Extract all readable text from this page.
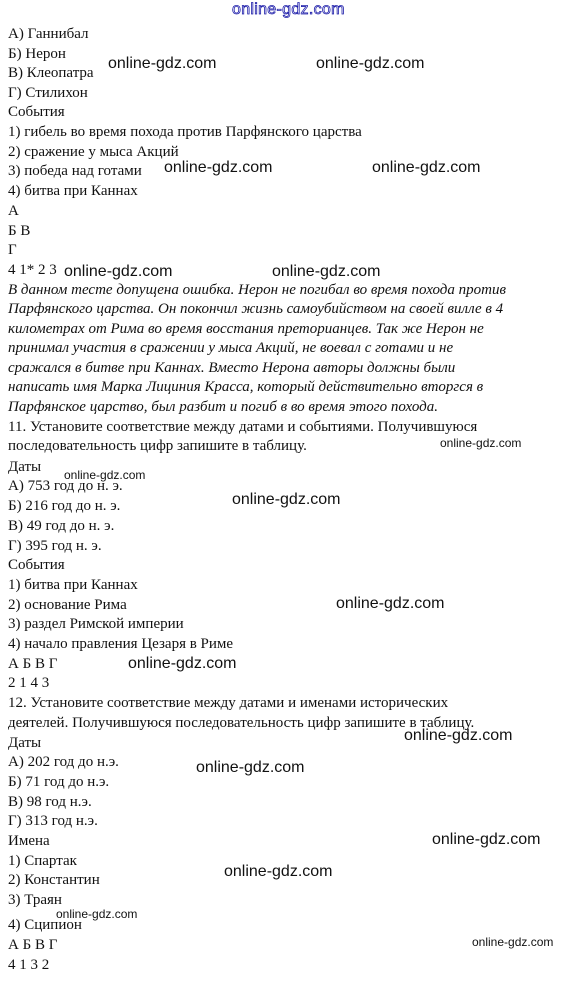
online-gdz.com
А) Ганнибал
Б) Нерон
В) Клеопатра
Г) Стилихон
События
1) гибель во время похода против Парфянского царства
2) сражение у мыса Акций
3) победа над готами
4) битва при Каннах
А
Б В
Г
4 1* 2 3
В данном тесте допущена ошибка. Нерон не погибал во время похода против
Парфянского царства. Он покончил жизнь самоубийством на своей вилле в 4
километрах от Рима во время восстания преторианцев. Так же Нерон не
принимал участия в сражении у мыса Акций, не воевал с готами и не
сражался в битве при Каннах. Вместо Нерона авторы должны были
написать имя Марка Лициния Красса, который действительно вторгся в
Парфянское царство, был разбит и погиб в во время этого похода.
11. Установите соответствие между датами и событиями. Получившуюся
последовательность цифр запишите в таблицу.
Даты
А) 753 год до н. э.
Б) 216 год до н. э.
В) 49 год до н. э.
Г) 395 год н. э.
События
1) битва при Каннах
2) основание Рима
3) раздел Римской империи
4) начало правления Цезаря в Риме
А Б В Г
2 1 4 3
12. Установите соответствие между датами и именами исторических
деятелей. Получившуюся последовательность цифр запишите в таблицу.
Даты
А) 202 год до н.э.
Б) 71 год до н.э.
В) 98 год н.э.
Г) 313 год н.э.
Имена
1) Спартак
2) Константин
3) Траян
4) Сципион
А Б В Г
4 1 3 2
online-gdz.com	online-gdz.com
online-gdz.com	online-gdz.com
online-gdz.com	online-gdz.com
online-gdz.com
online-gdz.com
online-gdz.com
online-gdz.com
online-gdz.com
online-gdz.com
online-gdz.com
online-gdz.com
online-gdz.com
online-gdz.com
online-gdz.com
